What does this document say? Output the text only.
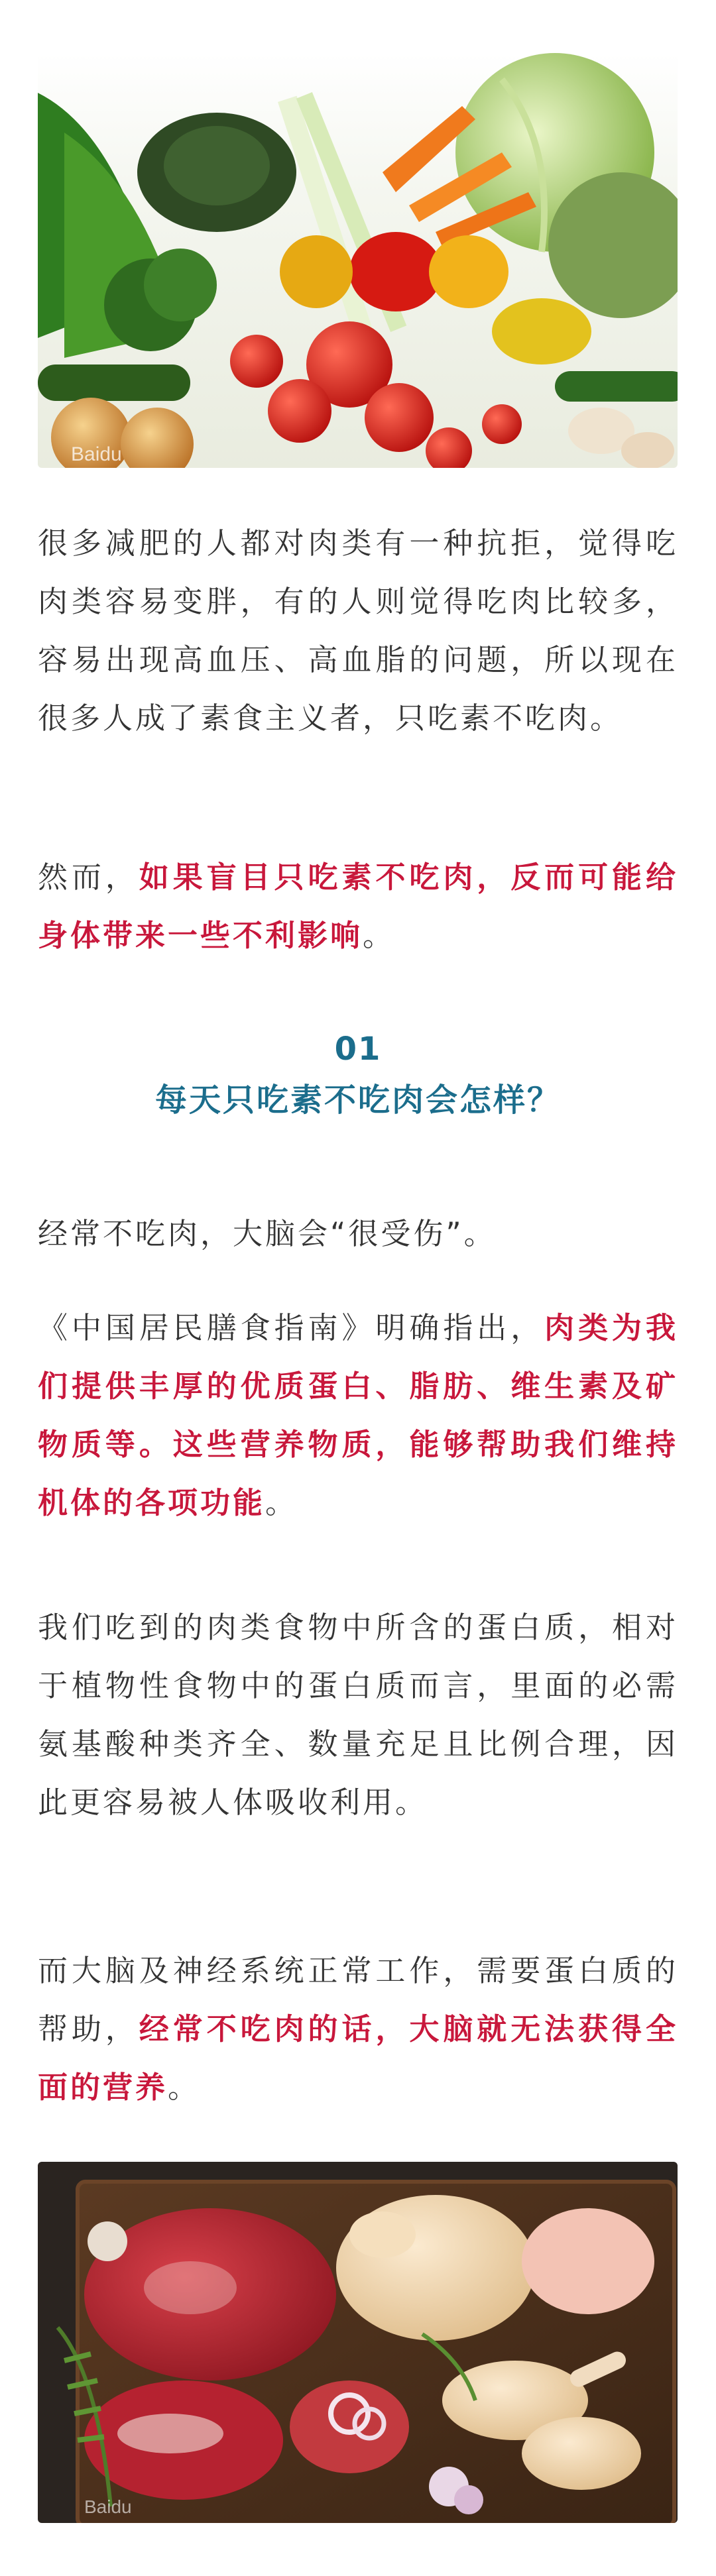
Baidu

很多减肥的人都对肉类有一种抗拒，觉得吃肉类容易变胖，有的人则觉得吃肉比较多，容易出现高血压、高血脂的问题，所以现在很多人成了素食主义者，只吃素不吃肉。

然而，如果盲目只吃素不吃肉，反而可能给身体带来一些不利影响。

01
每天只吃素不吃肉会怎样？

经常不吃肉，大脑会“很受伤”。

《中国居民膳食指南》明确指出，肉类为我们提供丰厚的优质蛋白、脂肪、维生素及矿物质等。这些营养物质，能够帮助我们维持机体的各项功能。

我们吃到的肉类食物中所含的蛋白质，相对于植物性食物中的蛋白质而言，里面的必需氨基酸种类齐全、数量充足且比例合理，因此更容易被人体吸收利用。

而大脑及神经系统正常工作，需要蛋白质的帮助，经常不吃肉的话，大脑就无法获得全面的营养。

Baidu
